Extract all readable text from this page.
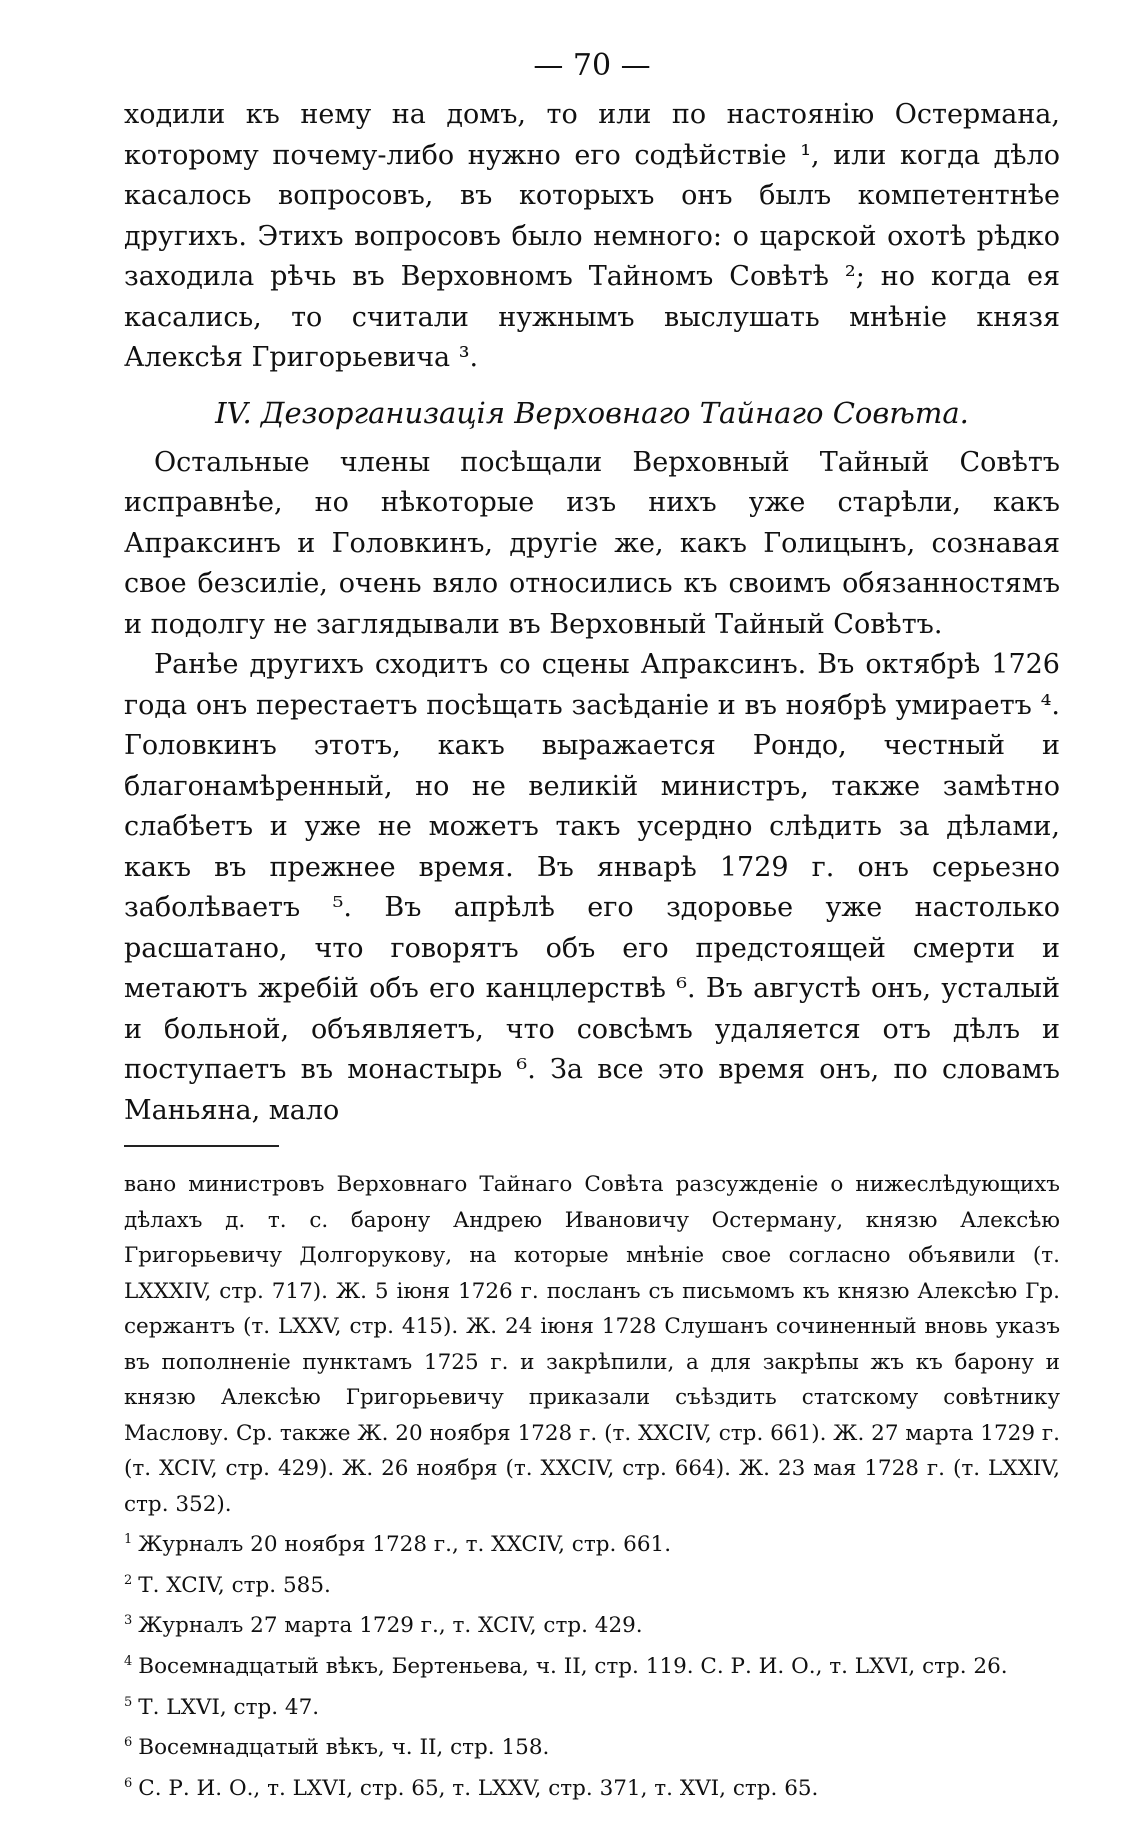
— 70 —

ходили къ нему на домъ, то или по настоянію Остермана, которому почему-либо нужно его содѣйствіе ¹, или когда дѣло касалось вопросовъ, въ которыхъ онъ былъ компетентнѣе другихъ. Этихъ вопросовъ было немного: о царской охотѣ рѣдко заходила рѣчь въ Верховномъ Тайномъ Совѣтѣ ²; но когда ея касались, то считали нужнымъ выслушать мнѣніе князя Алексѣя Григорьевича ³.

IV. Дезорганизація Верховнаго Тайнаго Совѣта.

Остальные члены посѣщали Верховный Тайный Совѣтъ исправнѣе, но нѣкоторые изъ нихъ уже старѣли, какъ Апраксинъ и Головкинъ, другіе же, какъ Голицынъ, сознавая свое безсиліе, очень вяло относились къ своимъ обязанностямъ и подолгу не заглядывали въ Верховный Тайный Совѣтъ.

Ранѣе другихъ сходитъ со сцены Апраксинъ. Въ октябрѣ 1726 года онъ перестаетъ посѣщать засѣданіе и въ ноябрѣ умираетъ ⁴. Головкинъ этотъ, какъ выражается Рондо, честный и благонамѣренный, но не великій министръ, также замѣтно слабѣетъ и уже не можетъ такъ усердно слѣдить за дѣлами, какъ въ прежнее время. Въ январѣ 1729 г. онъ серьезно заболѣваетъ ⁵. Въ апрѣлѣ его здоровье уже настолько расшатано, что говорятъ объ его предстоящей смерти и метаютъ жребій объ его канцлерствѣ ⁶. Въ августѣ онъ, усталый и больной, объявляетъ, что совсѣмъ удаляется отъ дѣлъ и поступаетъ въ монастырь ⁶. За все это время онъ, по словамъ Маньяна, мало

вано министровъ Верховнаго Тайнаго Совѣта разсужденіе о нижеслѣдующихъ дѣлахъ д. т. с. барону Андрею Ивановичу Остерману, князю Алексѣю Григорьевичу Долгорукову, на которые мнѣніе свое согласно объявили (т. LXXXIV, стр. 717). Ж. 5 іюня 1726 г. посланъ съ письмомъ къ князю Алексѣю Гр. сержантъ (т. LXXV, стр. 415). Ж. 24 іюня 1728 Слушанъ сочиненный вновь указъ въ пополненіе пунктамъ 1725 г. и закрѣпили, а для закрѣпы жъ къ барону и князю Алексѣю Григорьевичу приказали съѣздить статскому совѣтнику Маслову. Ср. также Ж. 20 ноября 1728 г. (т. XXCIV, стр. 661). Ж. 27 марта 1729 г. (т. XCIV, стр. 429). Ж. 26 ноября (т. XXCIV, стр. 664). Ж. 23 мая 1728 г. (т. LXXIV, стр. 352).

$^1$ Журналъ 20 ноября 1728 г., т. XXCIV, стр. 661.

$^2$ Т. XCIV, стр. 585.

$^3$ Журналъ 27 марта 1729 г., т. XCIV, стр. 429.

$^4$ Восемнадцатый вѣкъ, Бертеньева, ч. II, стр. 119. С. Р. И. О., т. LXVI, стр. 26.

$^5$ Т. LXVI, стр. 47.

$^6$ Восемнадцатый вѣкъ, ч. II, стр. 158.

$^6$ С. Р. И. О., т. LXVI, стр. 65, т. LXXV, стр. 371, т. XVI, стр. 65.
